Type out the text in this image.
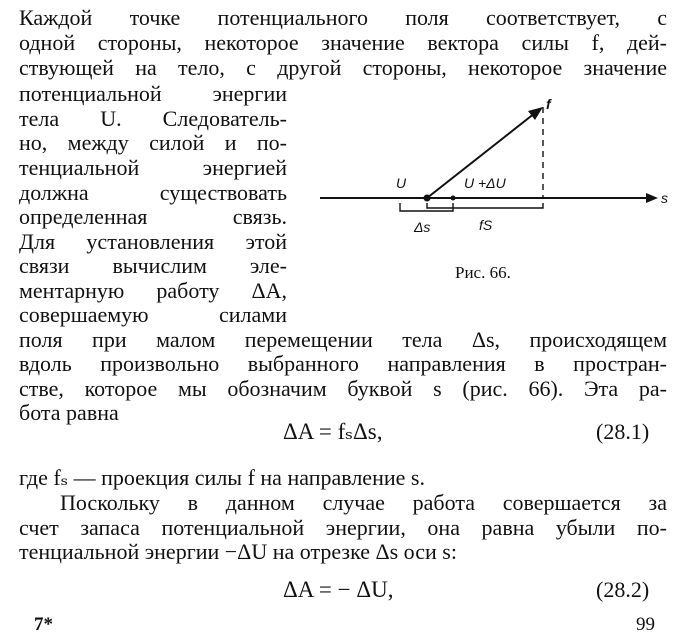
Каждой точке потенциального поля соответствует, с
одной стороны, некоторое значение вектора силы f, дей-
ствующей на тело, с другой стороны, некоторое значение
потенциальной энергии
тела U. Следователь-
но, между силой и по-
тенциальной энергией
должна существовать
определенная связь.
Для установления этой
связи вычислим эле-
ментарную работу ΔA,
совершаемую силами
поля при малом перемещении тела Δs, происходящем
вдоль произвольно выбранного направления в простран-
стве, которое мы обозначим буквой s (рис. 66). Эта ра-
бота равна
ΔA = fₛΔs,	(28.1)
где fₛ — проекция силы f на направление s.
Поскольку в данном случае работа совершается за
счет запаса потенциальной энергии, она равна убыли по-
тенциальной энергии −ΔU на отрезке Δs оси s:
ΔA = − ΔU,	(28.2)
s
f
U	U +ΔU
Δs	fS
Рис. 66.
7*	99
